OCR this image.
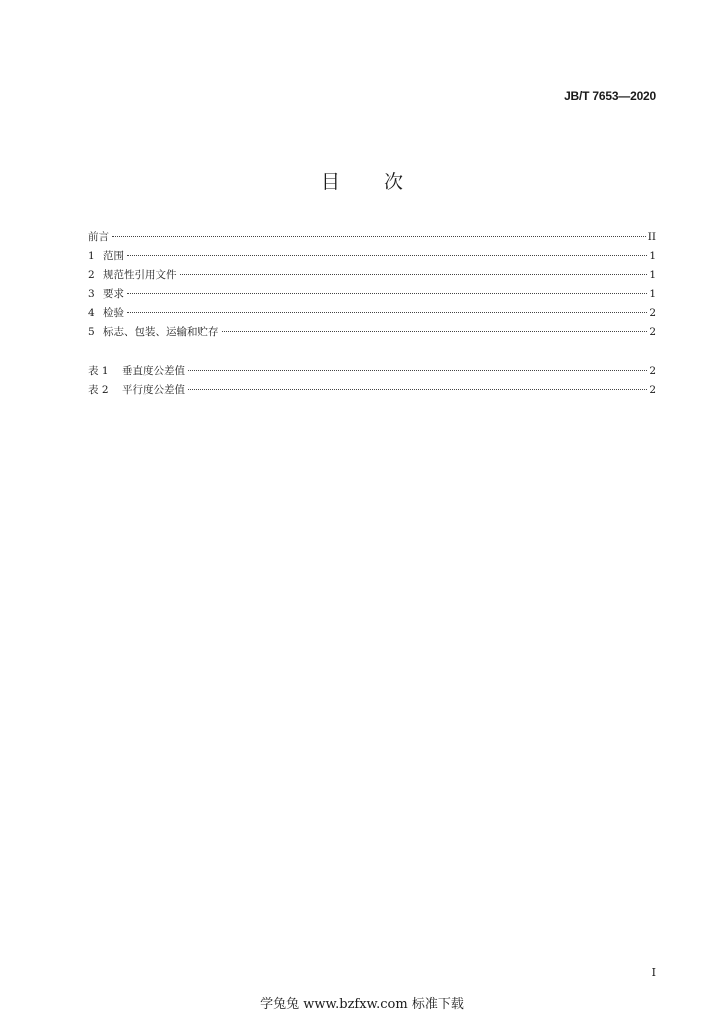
JB/T 7653—2020
目 次
前言	II
1 范围	1
2 规范性引用文件	1
3 要求	1
4 检验	2
5 标志、包装、运输和贮存	2
表 1	垂直度公差值	2
表 2	平行度公差值	2
I
学兔兔 www.bzfxw.com 标准下载
